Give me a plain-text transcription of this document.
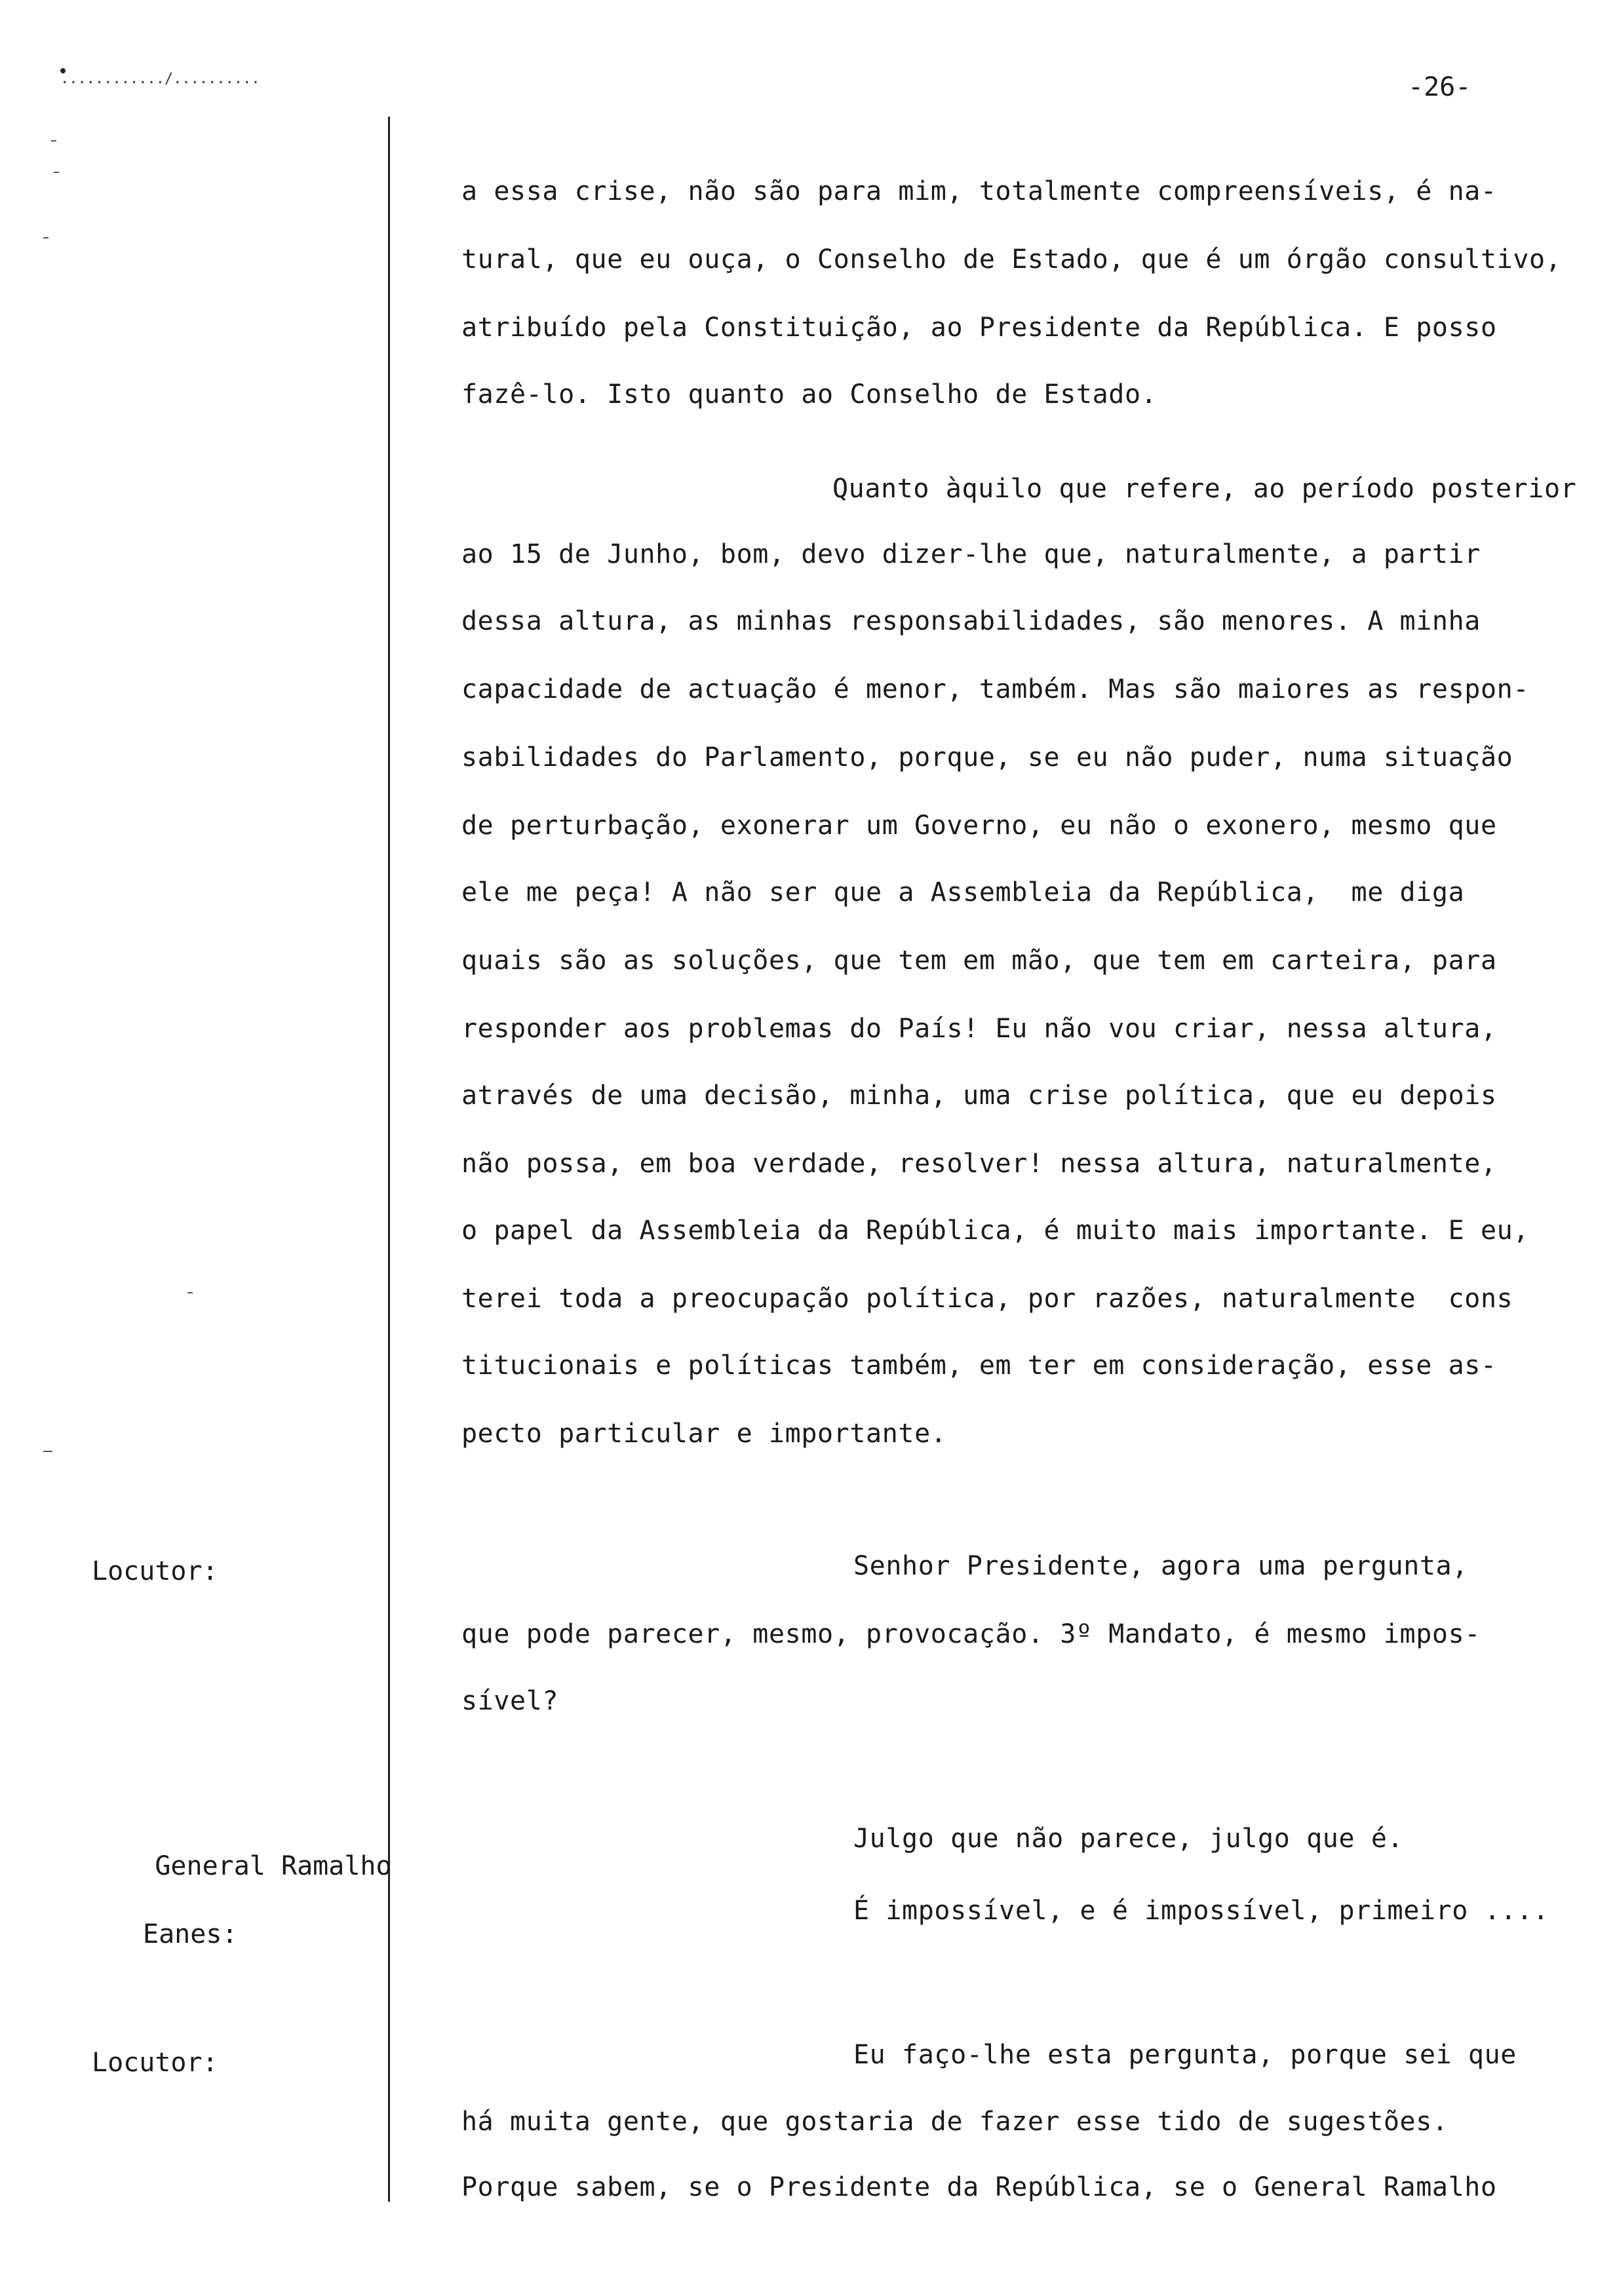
............/..........	-26-
a essa crise, não são para mim, totalmente compreensíveis, é na-
tural, que eu ouça, o Conselho de Estado, que é um órgão consultivo,
atribuído pela Constituição, ao Presidente da República. E posso
fazê-lo. Isto quanto ao Conselho de Estado.
Quanto àquilo que refere, ao período posterior
ao 15 de Junho, bom, devo dizer-lhe que, naturalmente, a partir
dessa altura, as minhas responsabilidades, são menores. A minha
capacidade de actuação é menor, também. Mas são maiores as respon-
sabilidades do Parlamento, porque, se eu não puder, numa situação
de perturbação, exonerar um Governo, eu não o exonero, mesmo que
ele me peça! A não ser que a Assembleia da República,  me diga
quais são as soluções, que tem em mão, que tem em carteira, para
responder aos problemas do País! Eu não vou criar, nessa altura,
através de uma decisão, minha, uma crise política, que eu depois
não possa, em boa verdade, resolver! nessa altura, naturalmente,
o papel da Assembleia da República, é muito mais importante. E eu,
terei toda a preocupação política, por razões, naturalmente  cons
titucionais e políticas também, em ter em consideração, esse as-
pecto particular e importante.
Locutor:	Senhor Presidente, agora uma pergunta,
que pode parecer, mesmo, provocação. 3º Mandato, é mesmo impos-
sível?

General Ramalho

Eanes:

Julgo que não parece, julgo que é.
É impossível, e é impossível, primeiro ....
Locutor:	Eu faço-lhe esta pergunta, porque sei que
há muita gente, que gostaria de fazer esse tido de sugestões.
Porque sabem, se o Presidente da República, se o General Ramalho
